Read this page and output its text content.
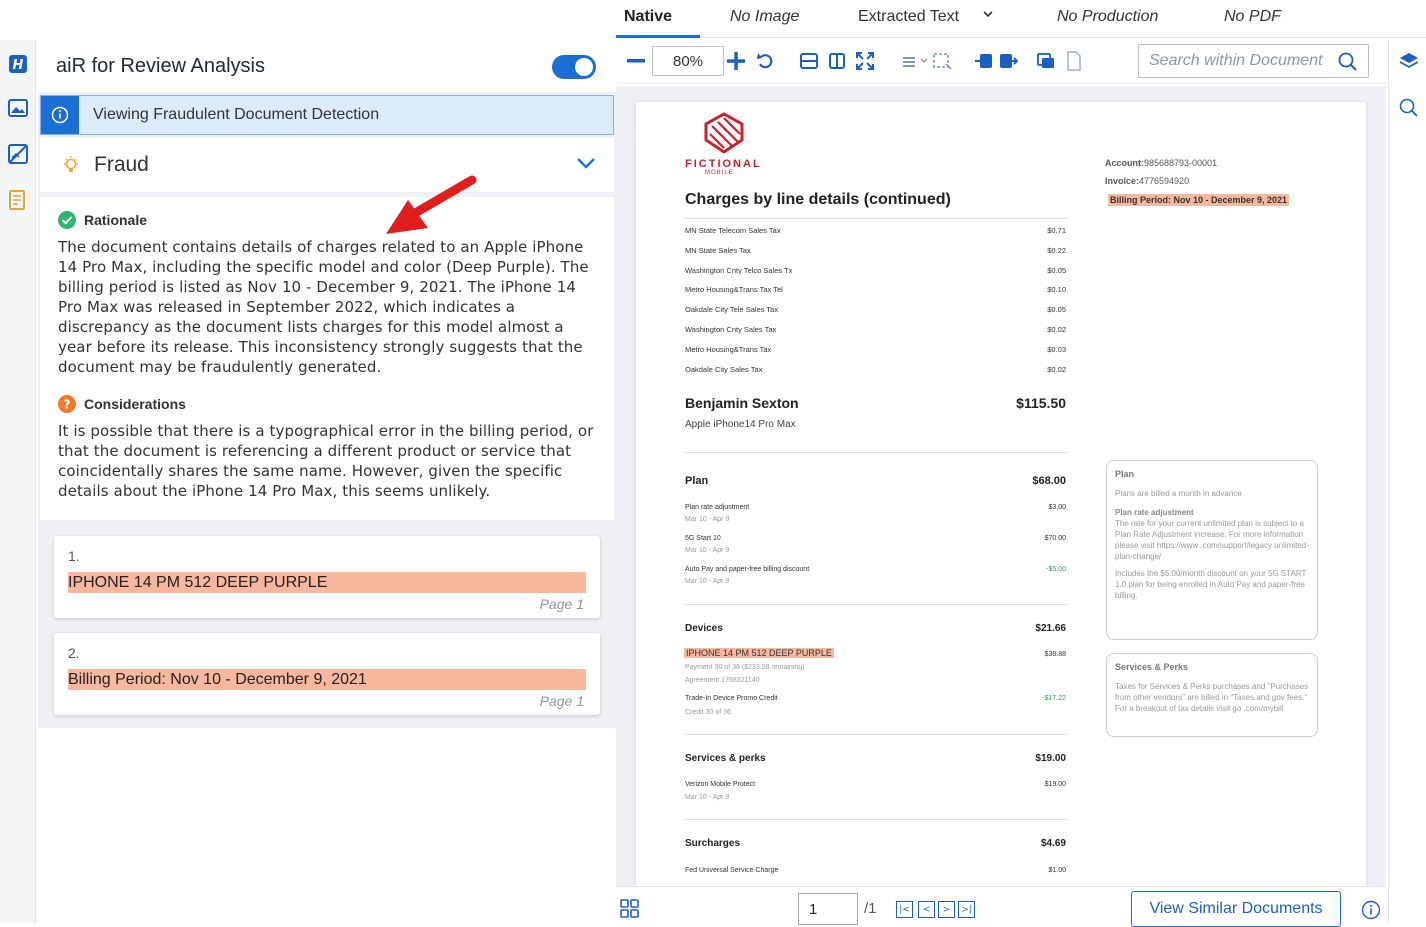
H aiR for Review Analysis
Viewing Fraudulent Document Detection
Fraud
Rationale
The document contains details of charges related to an Apple iPhone 14 Pro Max, including the specific model and color (Deep Purple). The billing period is listed as Nov 10 - December 9, 2021. The iPhone 14 Pro Max was released in September 2022, which indicates a discrepancy as the document lists charges for this model almost a year before its release. This inconsistency strongly suggests that the document may be fraudulently generated.
? Considerations
It is possible that there is a typographical error in the billing period, or that the document is referencing a different product or service that coincidentally shares the same name. However, given the specific details about the iPhone 14 Pro Max, this seems unlikely.
1.
IPHONE 14 PM 512 DEEP PURPLE
Page 1
2.
Billing Period: Nov 10 - December 9, 2021
Page 1
Native	No Image	Extracted Text	No Production	No PDF
80%	Search within Document
FICTIONAL
MOBILE
Charges by line details (continued)
Account:985688793-00001
Invoice:4776594920
Billing Period: Nov 10 - December 9, 2021
Benjamin Sexton	$115.50
Apple iPhone14 Pro Max
Plan	$68.00
Plan rate adjustment	$3.00
Mar 10 - Apr 9
5G Start 10	$70.00
Mar 10 - Apr 9
Auto Pay and paper-free billing discount	-$5.00
Mar 10 - Apr 9
Devices	$21.66
IPHONE 14 PM 512 DEEP PURPLE	$38.88
Payment 30 of 36 ($233.28 remaining)
Agreement 1768321140
Trade-In Device Promo Credit	-$17.22
Credit 30 of 36
Services & perks	$19.00
Verizon Mobile Protect	$19.00
Mar 10 - Apr 9
Surcharges	$4.69
Fed Universal Service Charge	$1.00
Plan
Plans are billed a month in advance
Plan rate adjustment
The rate for your current unlimited plan is subject to a Plan Rate Adjustment increase. For more information please visit https://www .com/support/legacy unlimited-plan-change/
Includes the $5.00/month discount on your 5G START 1.0 plan for being enrolled in Auto Pay and paper-free billing.
Services & Perks
Taxes for Services & Perks purchases and "Purchases from other vendors" are billed in "Taxes and gov fees." For a breakout of tax details visit go .com/mybill
MN State Telecom Sales Tax	$0.71
MN State Sales Tax	$0.22
Washington Cnty Telco Sales Tx	$0.05
Metro Housing&Trans Tax Tel	$0.10
Oakdale City Tele Sales Tax	$0.05
Washington Cnty Sales Tax	$0.02
Metro Housing&Trans Tax	$0.03
Oakdale City Sales Tax	$0.02
1	/1	|<	<	>	>|	View Similar Documents
